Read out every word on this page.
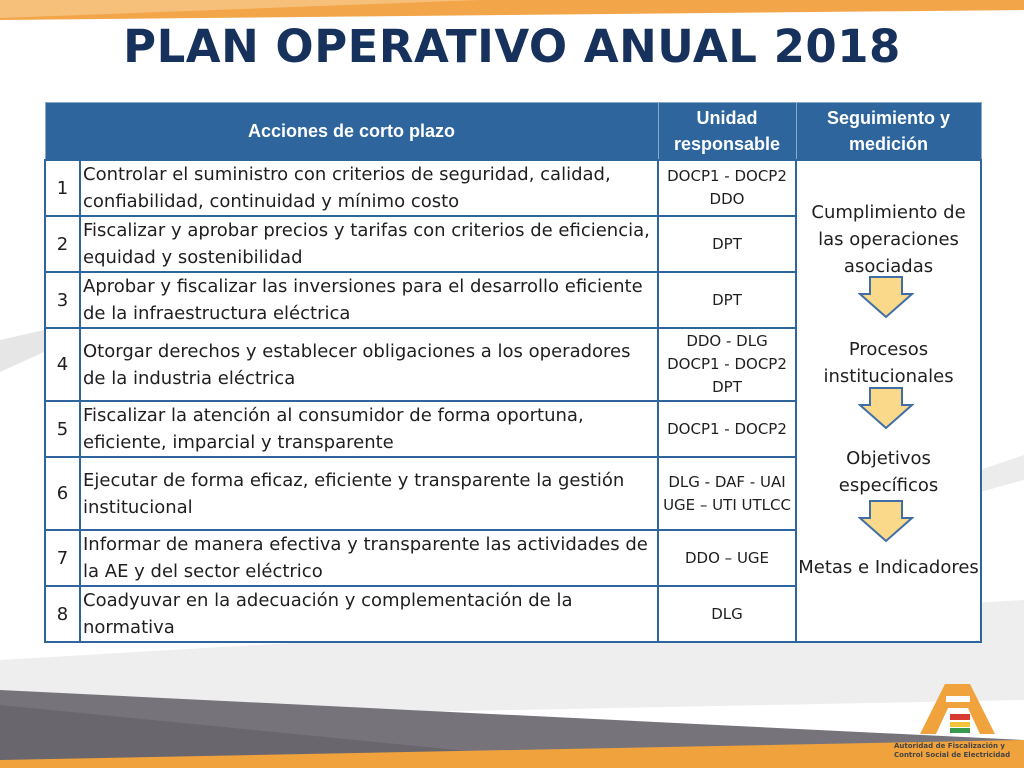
PLAN OPERATIVO ANUAL 2018
Acciones de corto plazo		Unidad responsable	Seguimiento y medición
1	Controlar el suministro con criterios de seguridad, calidad, confiabilidad, continuidad y mínimo costo	DOCP1 - DOCP2 DDO	Cumplimiento de las operaciones asociadas
Procesos institucionales
Objetivos específicos
Metas e Indicadores

2	Fiscalizar y aprobar precios y tarifas con criterios de eficiencia, equidad y sostenibilidad	DPT	
3	Aprobar y fiscalizar las inversiones para el desarrollo eficiente de la infraestructura eléctrica	DPT	
4	Otorgar derechos y establecer obligaciones a los operadores de la industria eléctrica	DDO - DLG DOCP1 - DOCP2 DPT	
5	Fiscalizar la atención al consumidor de forma oportuna, eficiente, imparcial y transparente	DOCP1 - DOCP2	
6	Ejecutar de forma eficaz, eficiente y transparente la gestión institucional	DLG - DAF - UAI UGE – UTI UTLCC	
7	Informar de manera efectiva y transparente las actividades de la AE y del sector eléctrico	DDO – UGE	
8	Coadyuvar en la adecuación y complementación de la normativa	DLG	
Autoridad de Fiscalización y
Control Social de Electricidad
